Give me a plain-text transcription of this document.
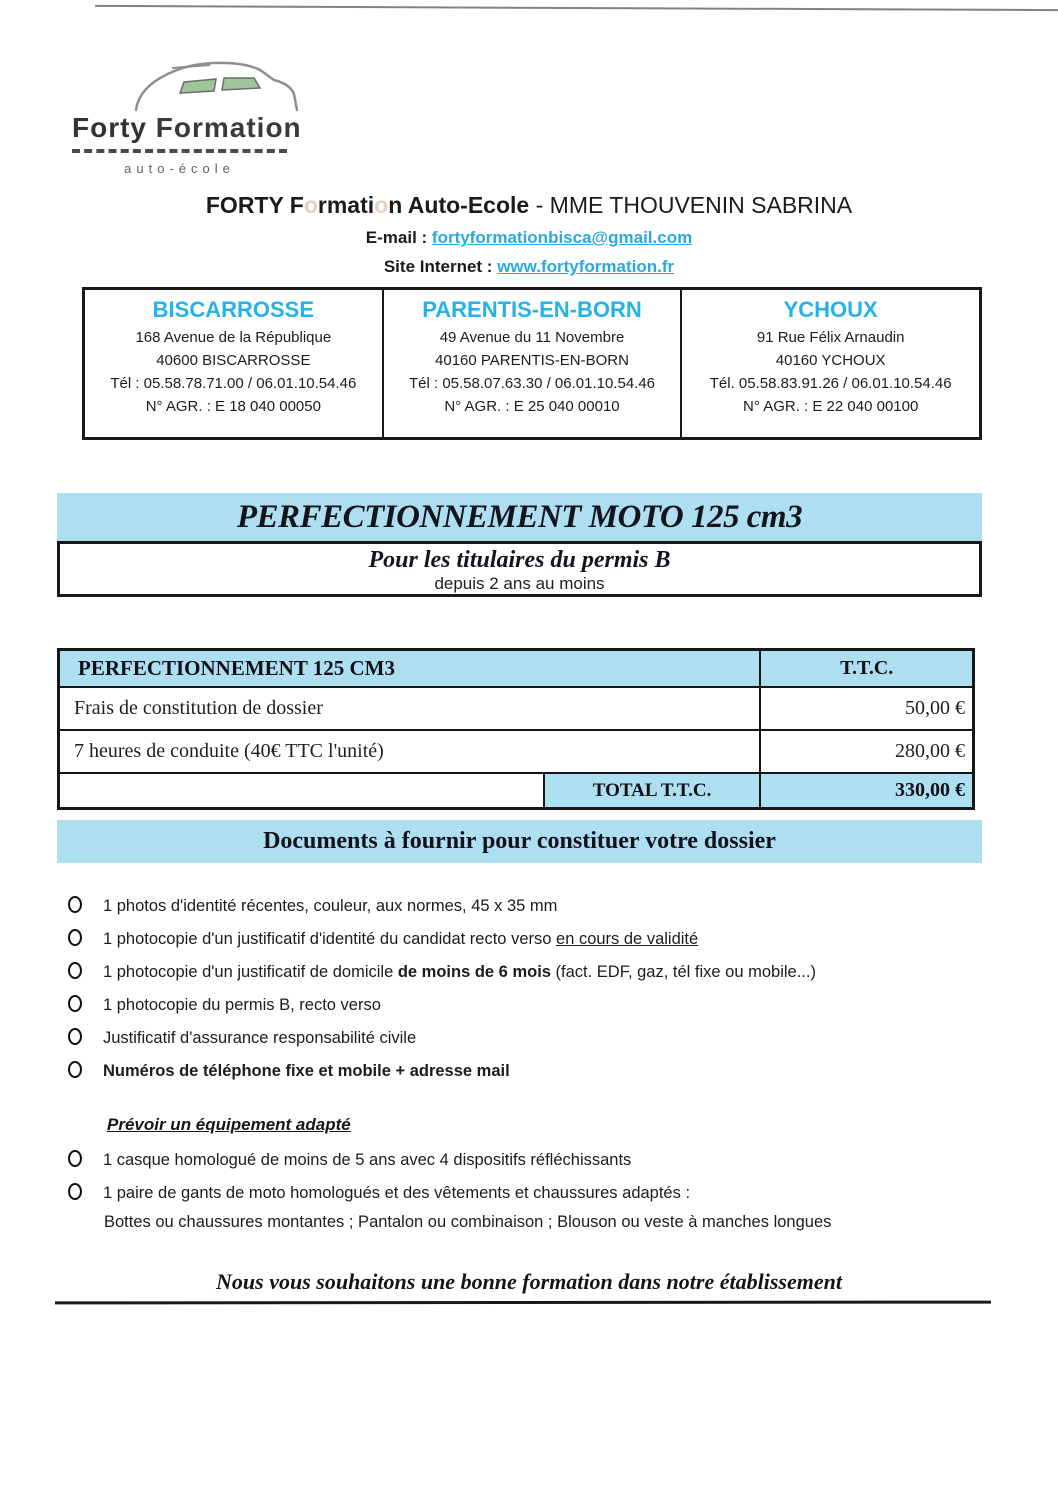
Forty Formation
auto-école
FORTY Formation Auto-Ecole - MME THOUVENIN SABRINA
E-mail : fortyformationbisca@gmail.com
Site Internet : www.fortyformation.fr
BISCARROSSE

168 Avenue de la République

40600 BISCARROSSE

Tél : 05.58.78.71.00 / 06.01.10.54.46

N° AGR. : E 18 040 00050

PARENTIS-EN-BORN

49 Avenue du 11 Novembre

40160 PARENTIS-EN-BORN

Tél : 05.58.07.63.30 / 06.01.10.54.46

N° AGR. : E 25 040 00010

YCHOUX

91 Rue Félix Arnaudin

40160 YCHOUX

Tél. 05.58.83.91.26 / 06.01.10.54.46

N° AGR. : E 22 040 00100

PERFECTIONNEMENT MOTO 125 cm3
Pour les titulaires du permis B
depuis 2 ans au moins
PERFECTIONNEMENT 125 CM3	T.T.C.
Frais de constitution de dossier	50,00 €
7 heures de conduite (40€ TTC l'unité)	280,00 €
TOTAL T.T.C.	330,00 €
Documents à fournir pour constituer votre dossier
1 photos d'identité récentes, couleur, aux normes, 45 x 35 mm
1 photocopie d'un justificatif d'identité du candidat recto verso en cours de validité
1 photocopie d'un justificatif de domicile de moins de 6 mois (fact. EDF, gaz, tél fixe ou mobile...)
1 photocopie du permis B, recto verso
Justificatif d'assurance responsabilité civile
Numéros de téléphone fixe et mobile + adresse mail
Prévoir un équipement adapté
1 casque homologué de moins de 5 ans avec 4 dispositifs réfléchissants
1 paire de gants de moto homologués et des vêtements et chaussures adaptés :
Bottes ou chaussures montantes ; Pantalon ou combinaison ; Blouson ou veste à manches longues
Nous vous souhaitons une bonne formation dans notre établissement
